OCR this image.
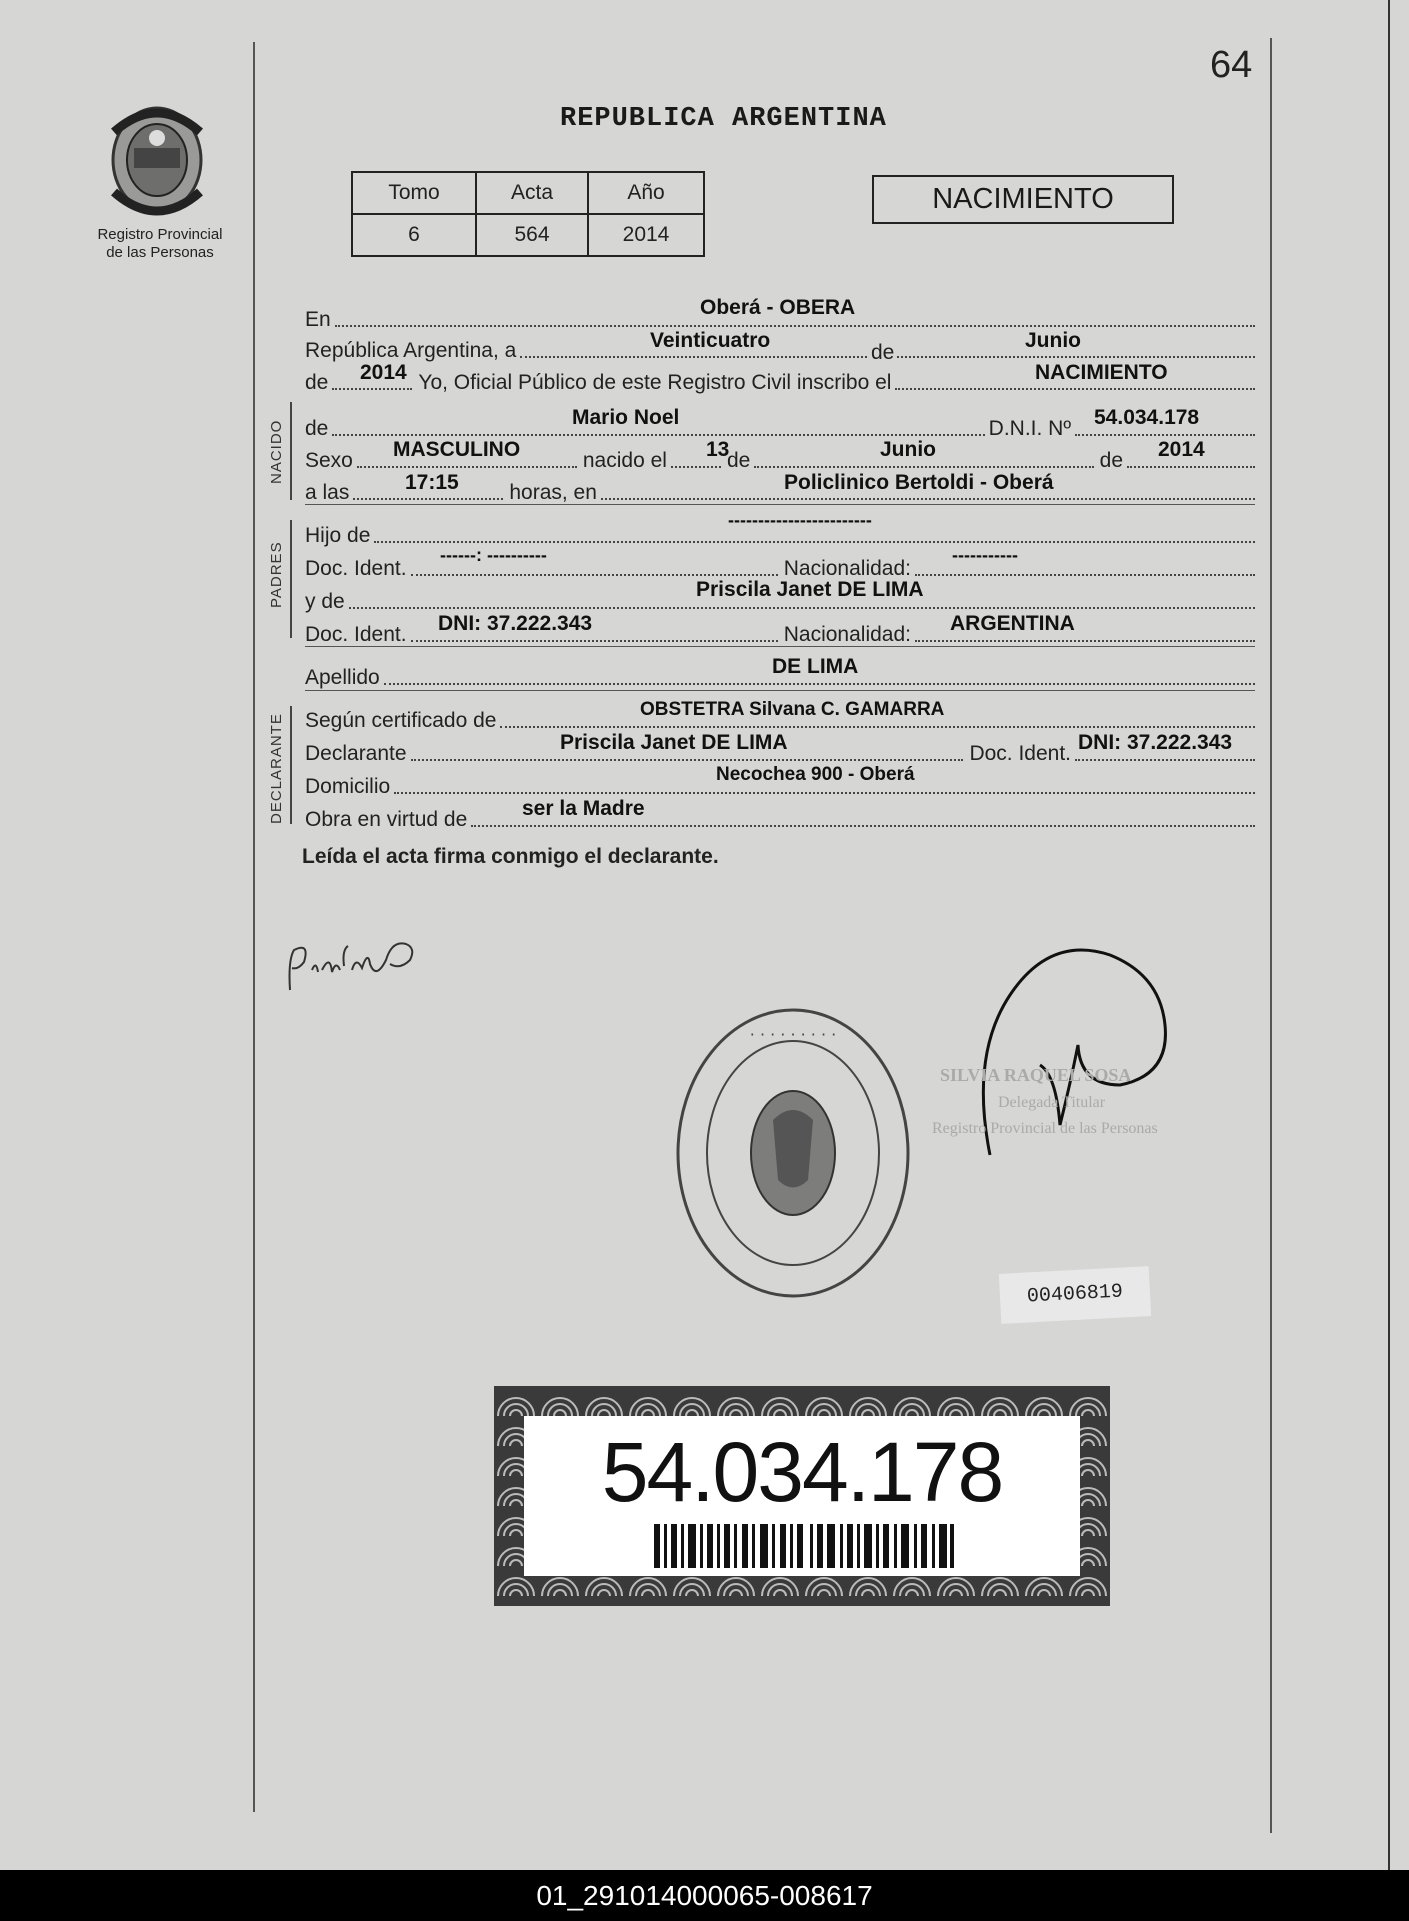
64
Registro Provincial
de las Personas
REPUBLICA ARGENTINA
Tomo	Acta	Año
6	564	2014
NACIMIENTO
En
Oberá - OBERA
República Argentina, a	de
Veinticuatro	Junio
de	Yo, Oficial Público de este Registro Civil inscribo el
2014	NACIMIENTO
NACIDO de	D.N.I. Nº
Mario Noel	54.034.178
Sexo	nacido el	de	de
MASCULINO	13	Junio	2014
a las	horas, en
17:15	Policlinico Bertoldi - Oberá
PADRES
Hijo de
------------------------
Doc. Ident.	Nacionalidad:
------: ----------	-----------
y de
Priscila Janet DE LIMA
Doc. Ident.	Nacionalidad:
DNI: 37.222.343	ARGENTINA
Apellido	DE LIMA
DECLARANTE Según certificado de	OBSTETRA Silvana C. GAMARRA
Declarante	Doc. Ident.
Priscila Janet DE LIMA	DNI: 37.222.343
Domicilio
Necochea 900 - Oberá
Obra en virtud de	ser la Madre
Leída el acta firma conmigo el declarante.
· · · · · · · · ·
SILVIA RAQUEL SOSA
Delegada Titular
Registro Provincial de las Personas
00406819
54.034.178
01_291014000065-008617
